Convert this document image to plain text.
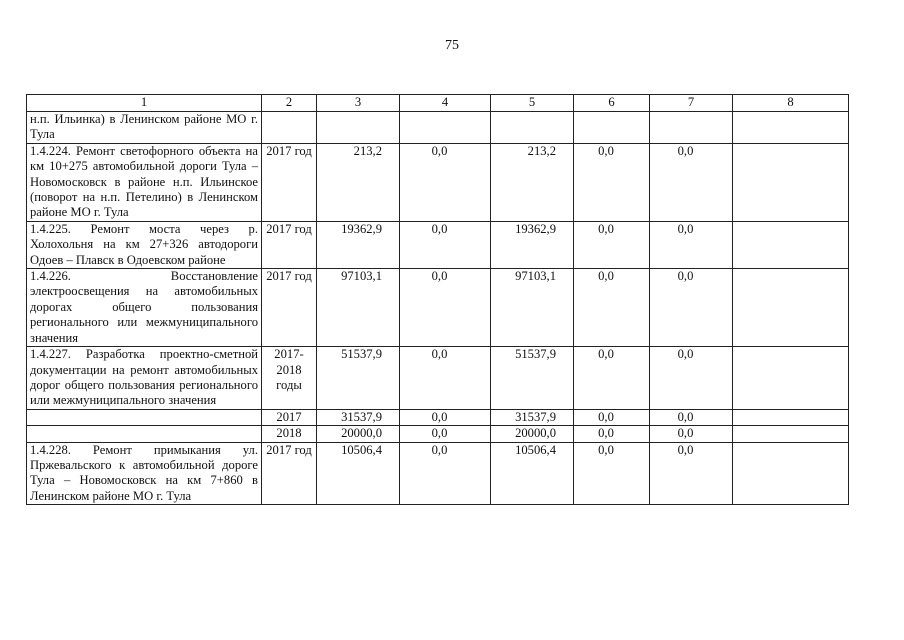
75
1	2	3	4	5	6	7	8
н.п. Ильинка) в Ленинском районе МО г. Тула							
1.4.224. Ремонт светофорного объекта на км 10+275 автомобильной дороги Тула – Новомосковск в районе н.п. Ильинское (поворот на н.п. Петелино) в Ленинском районе МО г. Тула	2017 год	213,2	0,0	213,2	0,0	0,0	
1.4.225. Ремонт моста через р. Холохольня на км 27+326 автодороги Одоев – Плавск в Одоевском районе	2017 год	19362,9	0,0	19362,9	0,0	0,0	
1.4.226. Восстановление электроосвещения на автомобильных дорогах общего пользования регионального или межмуниципального значения	2017 год	97103,1	0,0	97103,1	0,0	0,0	
1.4.227. Разработка проектно-сметной документации на ремонт автомобильных дорог общего пользования регионального или межмуниципального значения	2017- 2018 годы	51537,9	0,0	51537,9	0,0	0,0	
	2017	31537,9	0,0	31537,9	0,0	0,0	
	2018	20000,0	0,0	20000,0	0,0	0,0	
1.4.228. Ремонт примыкания ул. Пржевальского к автомобильной дороге Тула – Новомосковск на км 7+860 в Ленинском районе МО г. Тула	2017 год	10506,4	0,0	10506,4	0,0	0,0	
